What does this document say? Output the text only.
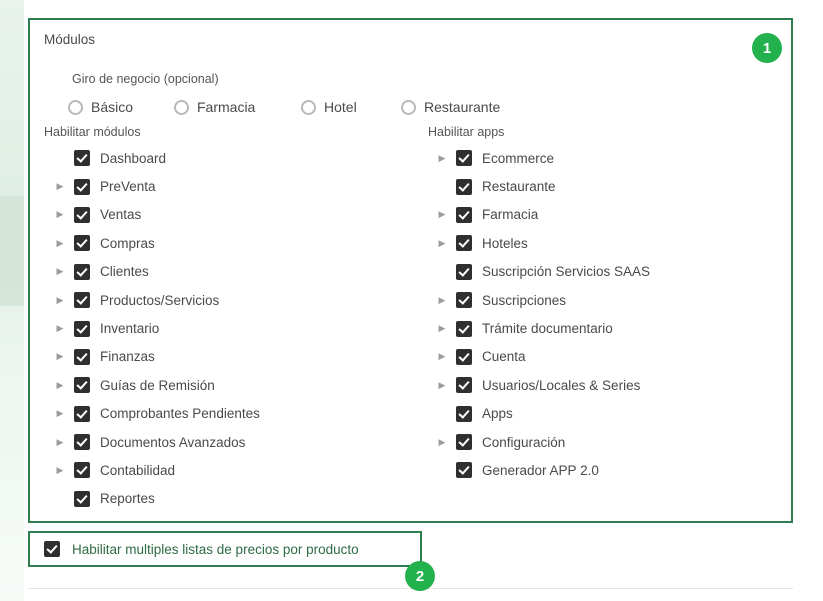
Módulos
Giro de negocio (opcional)
Básico	Farmacia	Hotel	Restaurante
Habilitar módulos	Habilitar apps
Dashboard
▶	PreVenta
▶	Ventas
▶	Compras
▶	Clientes
▶	Productos/Servicios
▶	Inventario
▶	Finanzas
▶	Guías de Remisión
▶	Comprobantes Pendientes
▶	Documentos Avanzados
▶	Contabilidad
Reportes
▶	Ecommerce
Restaurante
▶	Farmacia
▶	Hoteles
Suscripción Servicios SAAS
▶	Suscripciones
▶	Trámite documentario
▶	Cuenta
▶	Usuarios/Locales & Series
Apps
▶	Configuración
Generador APP 2.0
Habilitar multiples listas de precios por producto
1
2
